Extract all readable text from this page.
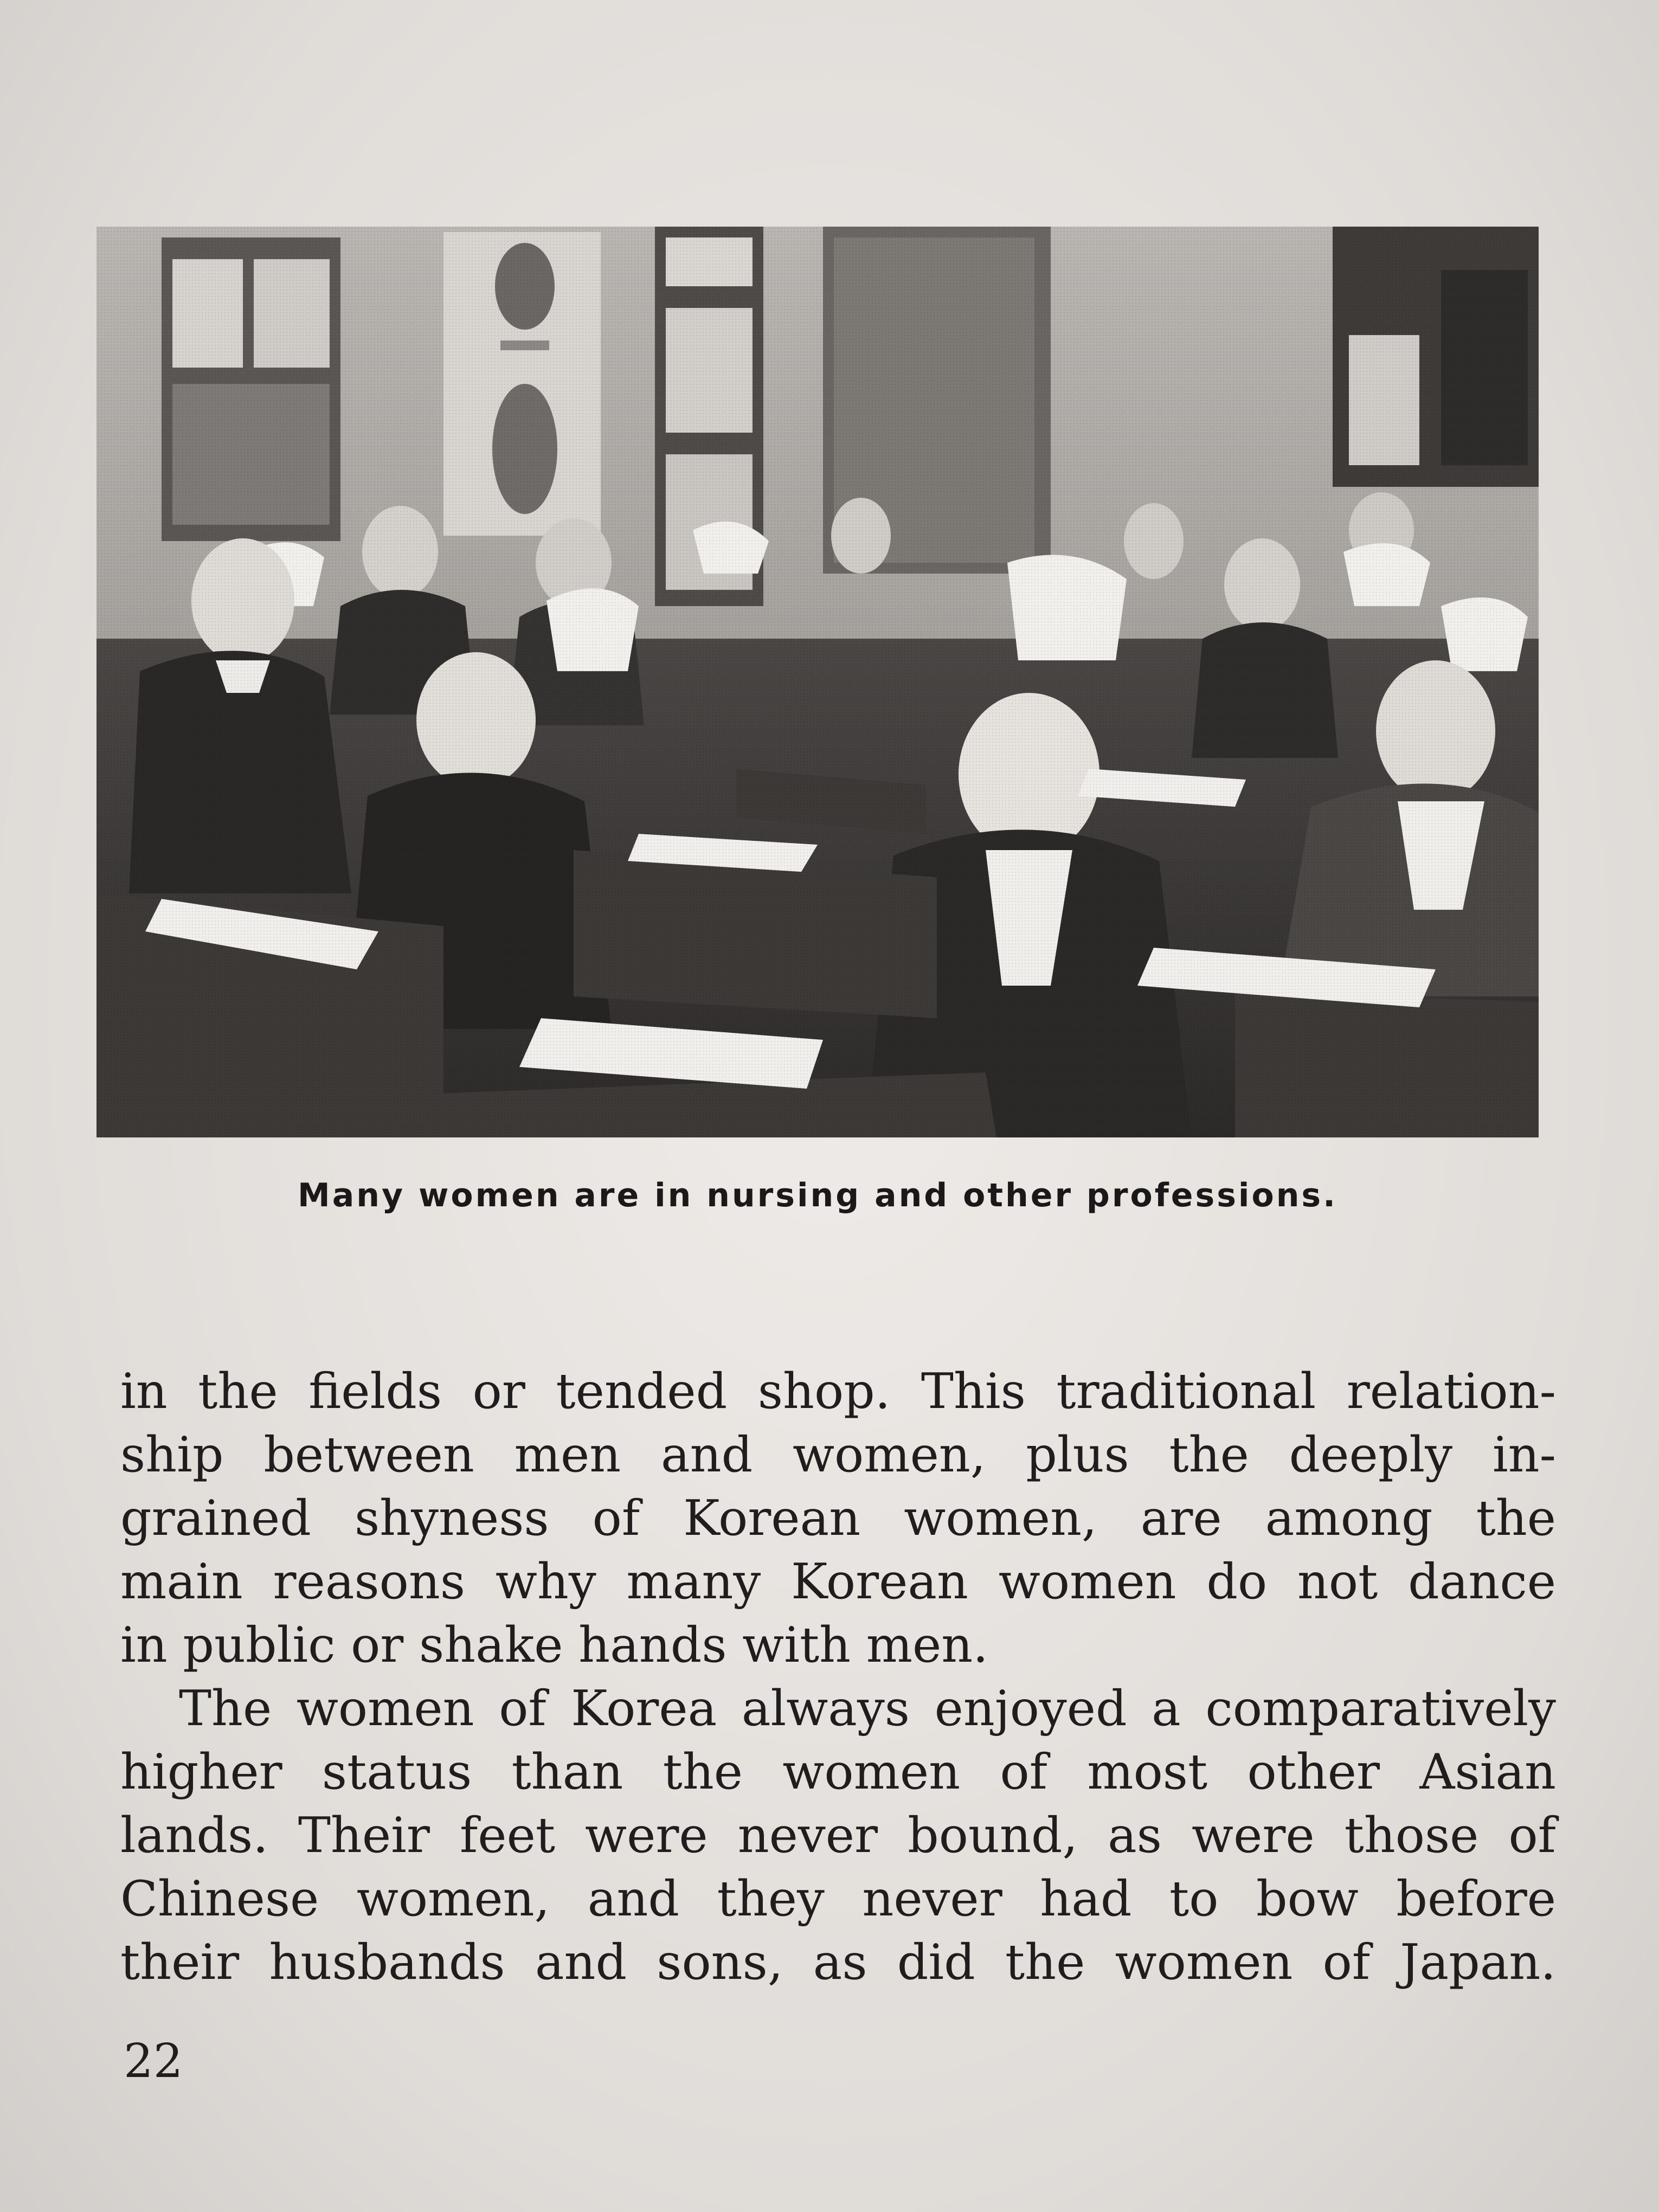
Many women are in nursing and other professions.
in the fields or tended shop. This traditional relation-
ship between men and women, plus the deeply in-
grained shyness of Korean women, are among the
main reasons why many Korean women do not dance
in public or shake hands with men.
The women of Korea always enjoyed a comparatively
higher status than the women of most other Asian
lands. Their feet were never bound, as were those of
Chinese women, and they never had to bow before
their husbands and sons, as did the women of Japan.
22
